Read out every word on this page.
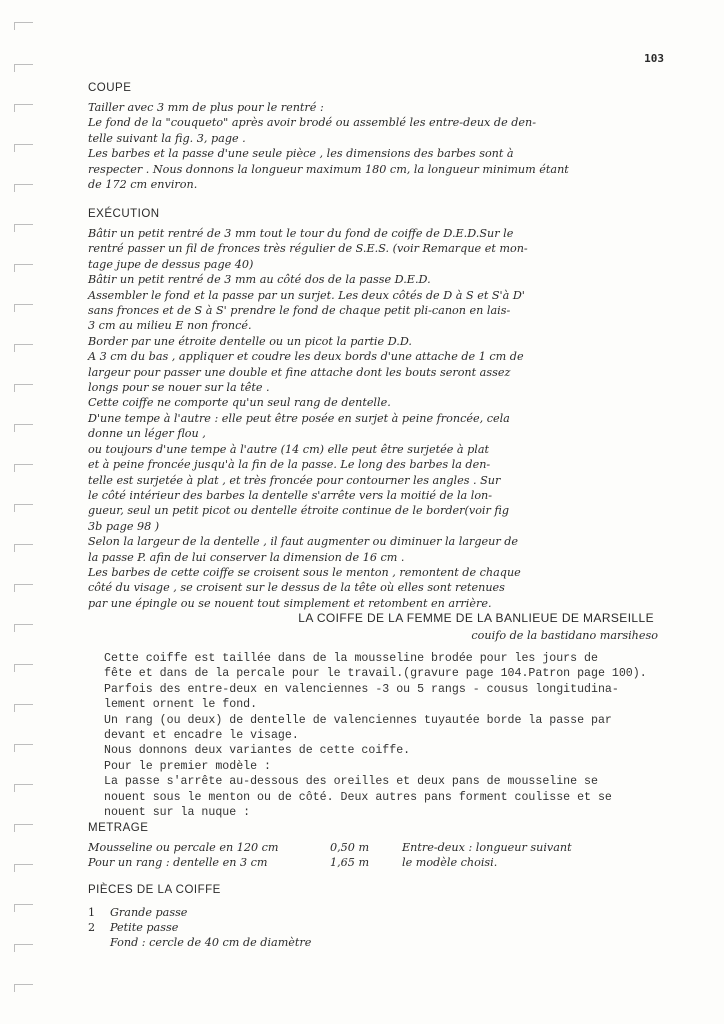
103
COUPE

Tailler avec 3 mm de plus pour le rentré :

Le fond de la "couqueto" après avoir brodé ou assemblé les entre-deux de den-

telle suivant la fig. 3, page .

Les barbes et la passe d'une seule pièce , les dimensions des barbes sont à

respecter . Nous donnons la longueur maximum 180 cm, la longueur minimum étant

de 172 cm environ.

EXÉCUTION

Bâtir un petit rentré de 3 mm tout le tour du fond de coiffe de D.E.D.Sur le

rentré passer un fil de fronces très régulier de S.E.S. (voir Remarque et mon-

tage jupe de dessus page 40)

Bâtir un petit rentré de 3 mm au côté dos de la passe D.E.D.

Assembler le fond et la passe par un surjet. Les deux côtés de D à S et S'à D'

sans fronces et de S à S' prendre le fond de chaque petit pli-canon en lais-

3 cm au milieu E non froncé.

Border par une étroite dentelle ou un picot la partie D.D.

A 3 cm du bas , appliquer et coudre les deux bords d'une attache de 1 cm de

largeur pour passer une double et fine attache dont les bouts seront assez

longs pour se nouer sur la tête .

Cette coiffe ne comporte qu'un seul rang de dentelle.

D'une tempe à l'autre : elle peut être posée en surjet à peine froncée, cela

donne un léger flou ,

ou toujours d'une tempe à l'autre (14 cm) elle peut être surjetée à plat

et à peine froncée jusqu'à la fin de la passe. Le long des barbes la den-

telle est surjetée à plat , et très froncée pour contourner les angles . Sur

le côté intérieur des barbes la dentelle s'arrête vers la moitié de la lon-

gueur, seul un petit picot ou dentelle étroite continue de le border(voir fig

3b page 98 )

Selon la largeur de la dentelle , il faut augmenter ou diminuer la largeur de

la passe P. afin de lui conserver la dimension de 16 cm .

Les barbes de cette coiffe se croisent sous le menton , remontent de chaque

côté du visage , se croisent sur le dessus de la tête où elles sont retenues

par une épingle ou se nouent tout simplement et retombent en arrière.

LA COIFFE DE LA FEMME DE LA BANLIEUE DE MARSEILLE
couifo de la bastidano marsiheso

Cette coiffe est taillée dans de la mousseline brodée pour les jours de

fête et dans de la percale pour le travail.(gravure page 104.Patron page 100).

Parfois des entre-deux en valenciennes -3 ou 5 rangs - cousus longitudina-

lement ornent le fond.

Un rang (ou deux) de dentelle de valenciennes tuyautée borde la passe par

devant et encadre le visage.

Nous donnons deux variantes de cette coiffe.

Pour le premier modèle :

La passe s'arrête au-dessous des oreilles et deux pans de mousseline se

nouent sous le menton ou de côté. Deux autres pans forment coulisse et se

nouent sur la nuque :

METRAGE
Mousseline ou percale en 120 cm	0,50 m	Entre-deux : longueur suivant
Pour un rang : dentelle en 3 cm	1,65 m	le modèle choisi.
PIÈCES DE LA COIFFE
1 Grande passe
2 Petite passe
Fond : cercle de 40 cm de diamètre
